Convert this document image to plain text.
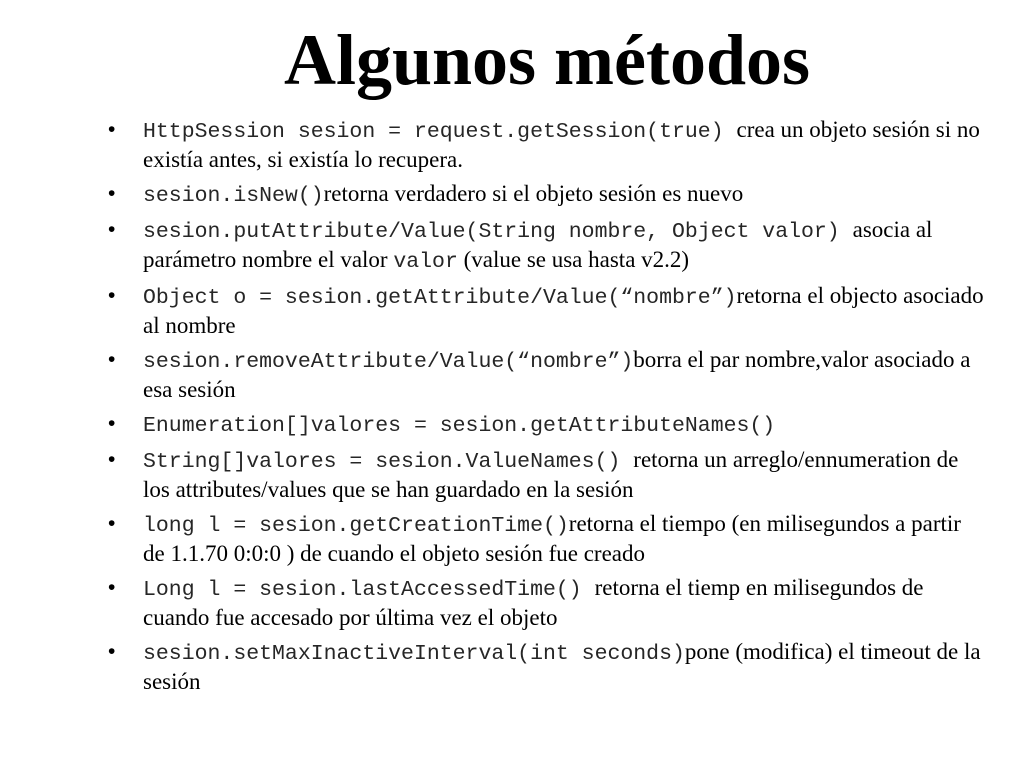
Algunos métodos
• HttpSession sesion = request.getSession(true) crea un objeto sesión si no existía antes, si existía lo recupera.
• sesion.isNew()retorna verdadero si el objeto sesión es nuevo
• sesion.putAttribute/Value(String nombre, Object valor) asocia al parámetro nombre el valor valor (value se usa hasta v2.2)
• Object o = sesion.getAttribute/Value(“nombre”)retorna el objecto asociado al nombre
• sesion.removeAttribute/Value(“nombre”)borra el par nombre,valor asociado a esa sesión
• Enumeration[]valores = sesion.getAttributeNames()
• String[]valores = sesion.ValueNames() retorna un arreglo/ennumeration de los attributes/values que se han guardado en la sesión
• long l = sesion.getCreationTime()retorna el tiempo (en milisegundos a partir de 1.1.70 0:0:0 ) de cuando el objeto sesión fue creado
• Long l = sesion.lastAccessedTime() retorna el tiemp en milisegundos de cuando fue accesado por última vez el objeto
• sesion.setMaxInactiveInterval(int seconds)pone (modifica) el timeout de la sesión
